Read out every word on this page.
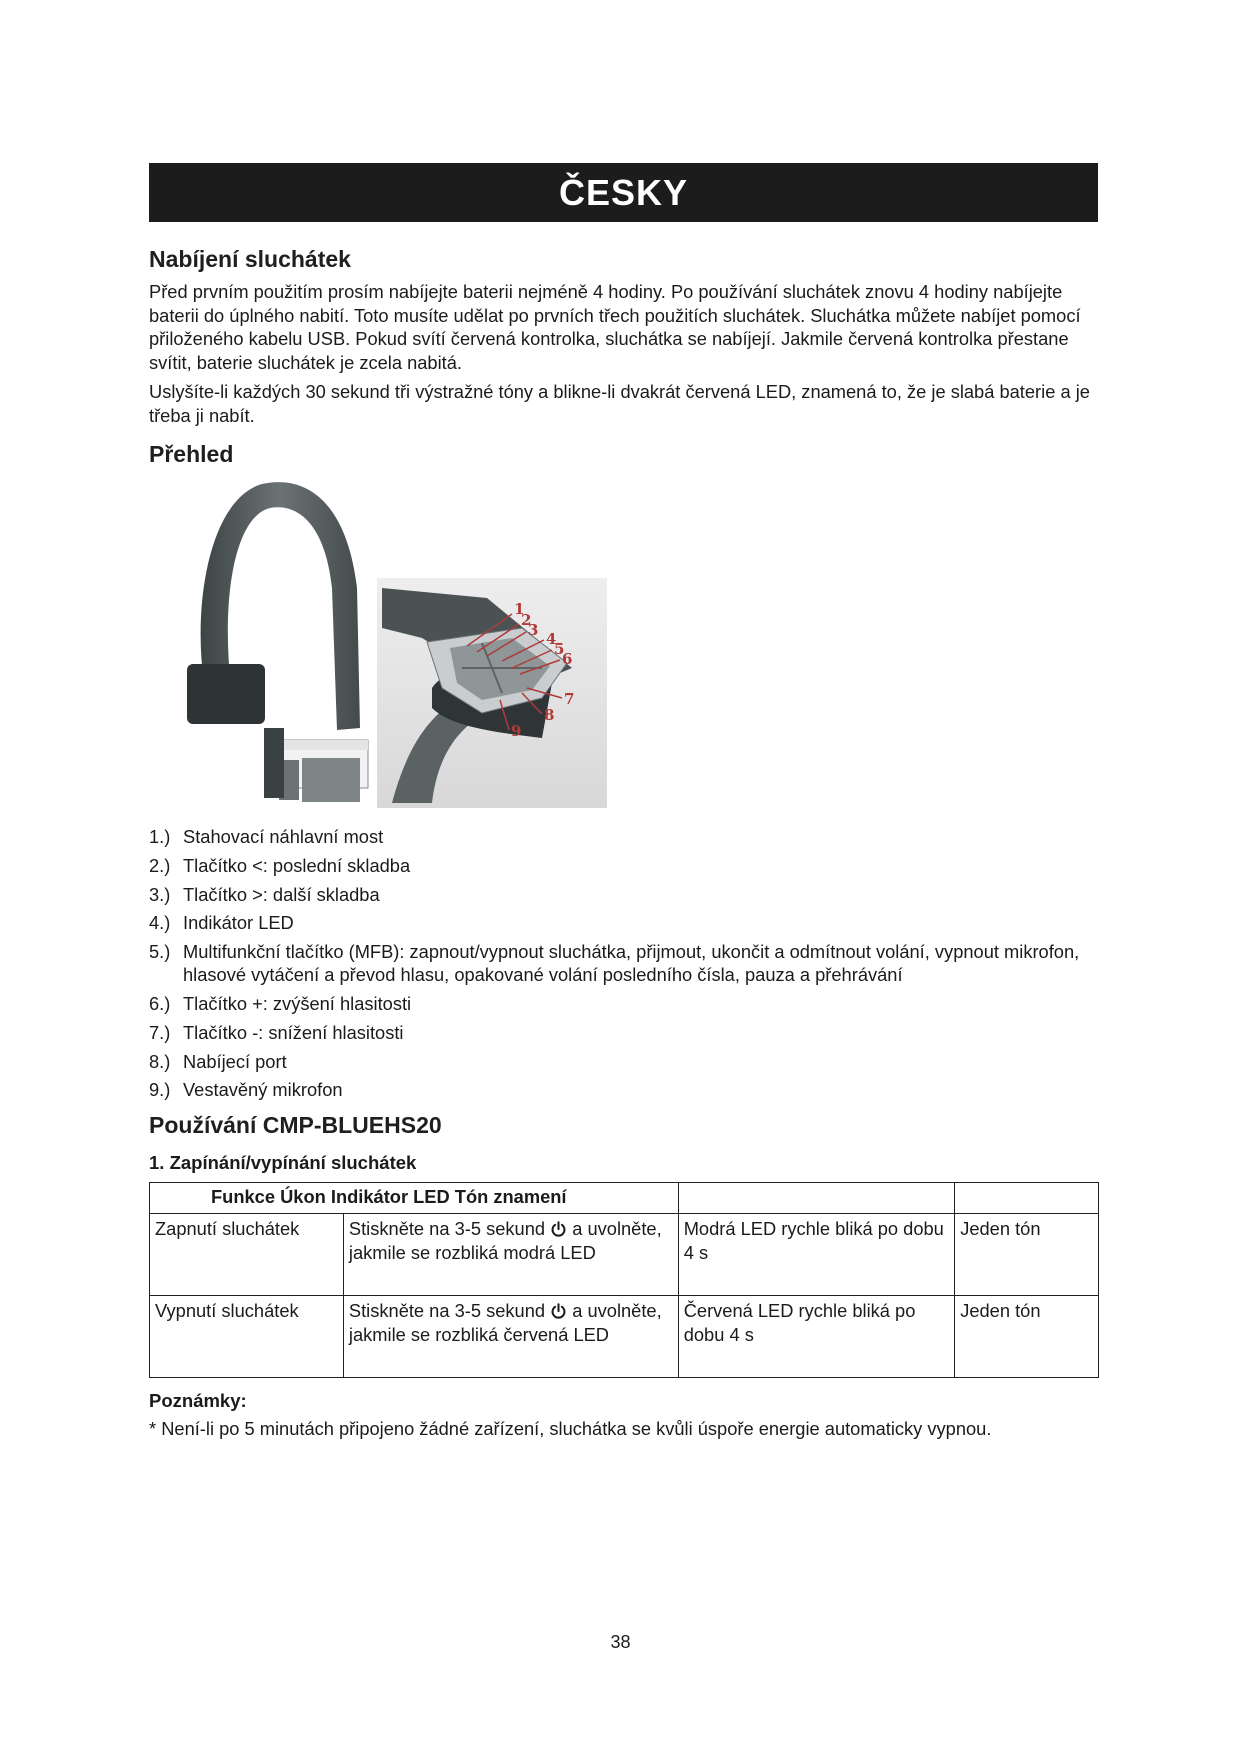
ČESKY
Nabíjení sluchátek
Před prvním použitím prosím nabíjejte baterii nejméně 4 hodiny. Po používání sluchátek znovu 4 hodiny nabíjejte baterii do úplného nabití. Toto musíte udělat po prvních třech použitích sluchátek. Sluchátka můžete nabíjet pomocí přiloženého kabelu USB. Pokud svítí červená kontrolka, sluchátka se nabíjejí. Jakmile červená kontrolka přestane svítit, baterie sluchátek je zcela nabitá.
Uslyšíte-li každých 30 sekund tři výstražné tóny a blikne-li dvakrát červená LED, znamená to, že je slabá baterie a je třeba ji nabít.
Přehled
1
2
3 4
5
6
7
8
9
1.) Stahovací náhlavní most
2.) Tlačítko <: poslední skladba
3.) Tlačítko >: další skladba
4.) Indikátor LED
5.) Multifunkční tlačítko (MFB): zapnout/vypnout sluchátka, přijmout, ukončit a odmítnout volání, vypnout mikrofon, hlasové vytáčení a převod hlasu, opakované volání posledního čísla, pauza a přehrávání
6.) Tlačítko +: zvýšení hlasitosti
7.) Tlačítko -: snížení hlasitosti
8.) Nabíjecí port
9.) Vestavěný mikrofon
Používání CMP-BLUEHS20
1. Zapínání/vypínání sluchátek
Funkce Úkon Indikátor LED Tón znamení			
Zapnutí sluchátek	Stiskněte na 3-5 sekund a uvolněte, jakmile se rozbliká modrá LED	Modrá LED rychle bliká po dobu 4 s	Jeden tón
Vypnutí sluchátek	Stiskněte na 3-5 sekund a uvolněte, jakmile se rozbliká červená LED	Červená LED rychle bliká po dobu 4 s	Jeden tón
Poznámky:
* Není-li po 5 minutách připojeno žádné zařízení, sluchátka se kvůli úspoře energie automaticky vypnou.
38
